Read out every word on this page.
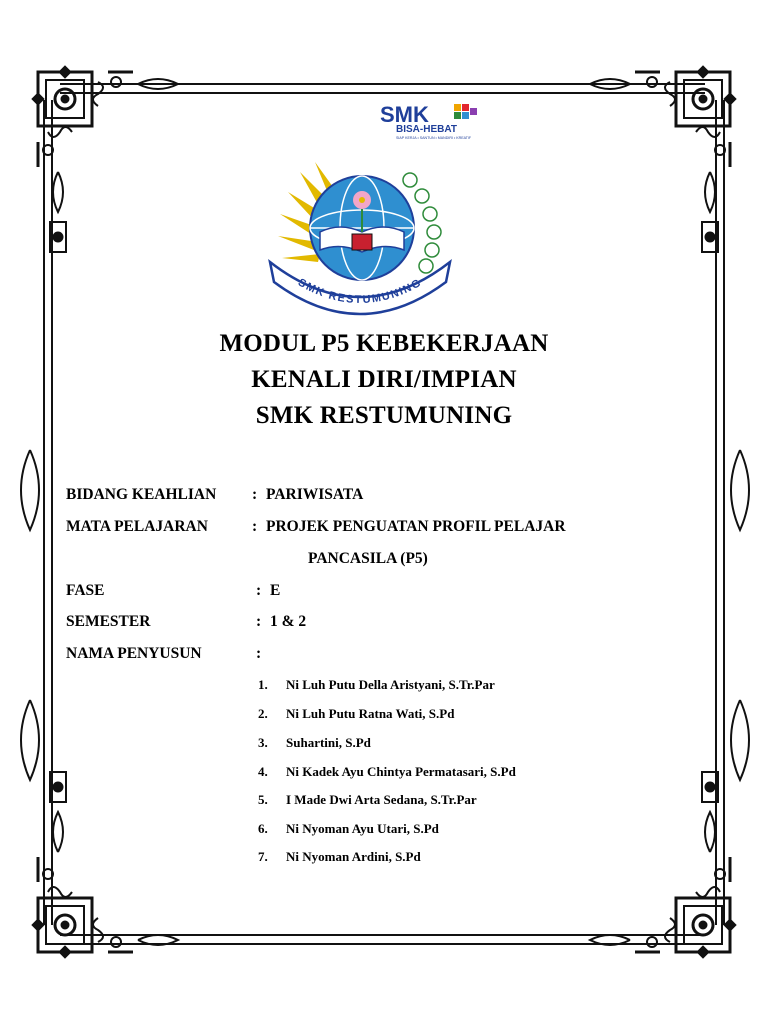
SMK
BISA-HEBAT
SIAP KERJA • SANTUN • MANDIRI • KREATIF
SMK RESTUMUNING
MODUL P5 KEBEKERJAAN
KENALI DIRI/IMPIAN
SMK RESTUMUNING
BIDANG KEAHLIAN : PARIWISATA
MATA PELAJARAN	: PROJEK PENGUATAN PROFIL PELAJAR
PANCASILA (P5)
FASE	: E
SEMESTER	: 1 & 2
NAMA PENYUSUN	:
1. Ni Luh Putu Della Aristyani, S.Tr.Par
2. Ni Luh Putu Ratna Wati, S.Pd
3. Suhartini, S.Pd
4. Ni Kadek Ayu Chintya Permatasari, S.Pd
5. I Made Dwi Arta Sedana, S.Tr.Par
6. Ni Nyoman Ayu Utari, S.Pd
7. Ni Nyoman Ardini, S.Pd
